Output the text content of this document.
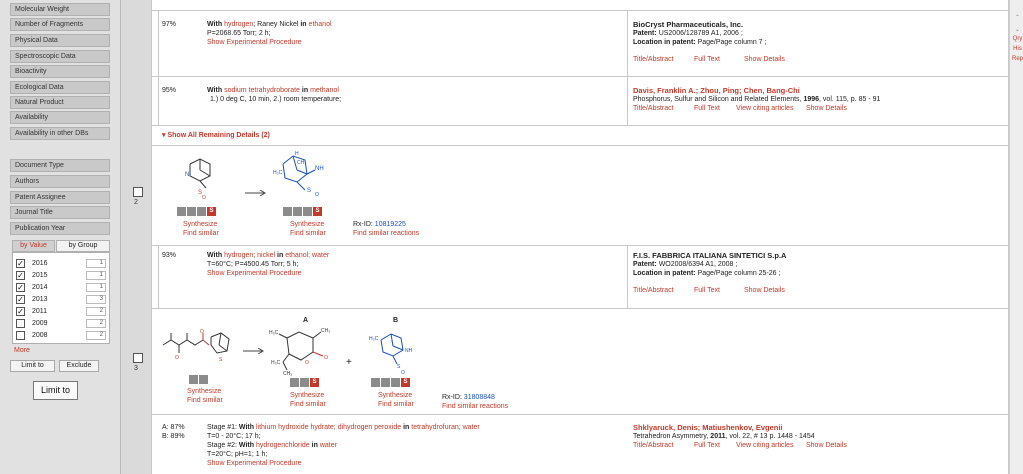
Molecular Weight
Number of Fragments
Physical Data
Spectroscopic Data
Bioactivity
Ecological Data
Natural Product
Availability
Availability in other DBs
Document Type
Authors
Patent Assignee
Journal Title
Publication Year
by Value	by Group
✓ 2016	1
✓ 2015	1
✓ 2014	1
✓ 2013	3
✓ 2011	2
2009	2
2008	2
More
Limit to	Exclude
Limit to
97%	With hydrogen; Raney Nickel in ethanol
P=2068.65 Torr; 2 h;
Show Experimental Procedure
BioCryst Pharmaceuticals, Inc.
Patent: US2006/128789 A1, 2006 ;
Location in patent: Page/Page column 7 ;
Title/Abstract	Full Text	Show Details
95%	With sodium tetrahydroborate in methanol
1.) 0 deg C, 10 min, 2.) room temperature;
Davis, Franklin A.; Zhou, Ping; Chen, Bang-Chi
Phosphorus, Sulfur and Silicon and Related Elements, 1996, vol. 115, p. 85 - 91
Title/Abstract	Full Text View citing articles Show Details
▾ Show All Remaining Details (2)
2
N
S
O
H
H₃C
CH₃
NH
S
O
S	S
Synthesize
Find similar
Synthesize
Find similar
Rx-ID: 10819225
Find similar reactions
93%	With hydrogen; nickel in ethanol; water
T=60°C; P=4500.45 Torr; 5 h;
Show Experimental Procedure
F.I.S. FABBRICA ITALIANA SINTETICI S.p.A
Patent: WO2008/6394 A1, 2008 ;
Location in patent: Page/Page column 25-26 ;
Title/Abstract	Full Text	Show Details
3
O
O
S
A
H₃C	CH₃
H₃C
CH₃
O
O +
B
H₃C
NH
S
O
S	S
Synthesize
Find similar
Synthesize
Find similar
Synthesize
Find similar
Rx-ID: 31808848
Find similar reactions
A: 87%
B: 89%
Stage #1: With lithium hydroxide hydrate; dihydrogen peroxide in tetrahydrofuran; water
T=0 - 20°C; 17 h;
Stage #2: With hydrogenchloride in water
T=20°C; pH=1; 1 h;
Show Experimental Procedure
Shklyaruck, Denis; Matiushenkov, Evgenii
Tetrahedron Asymmetry, 2011, vol. 22, # 13 p. 1448 - 1454
Title/Abstract	Full Text View citing articles Show Details
⌃
⌄
Qry
His
Rep
